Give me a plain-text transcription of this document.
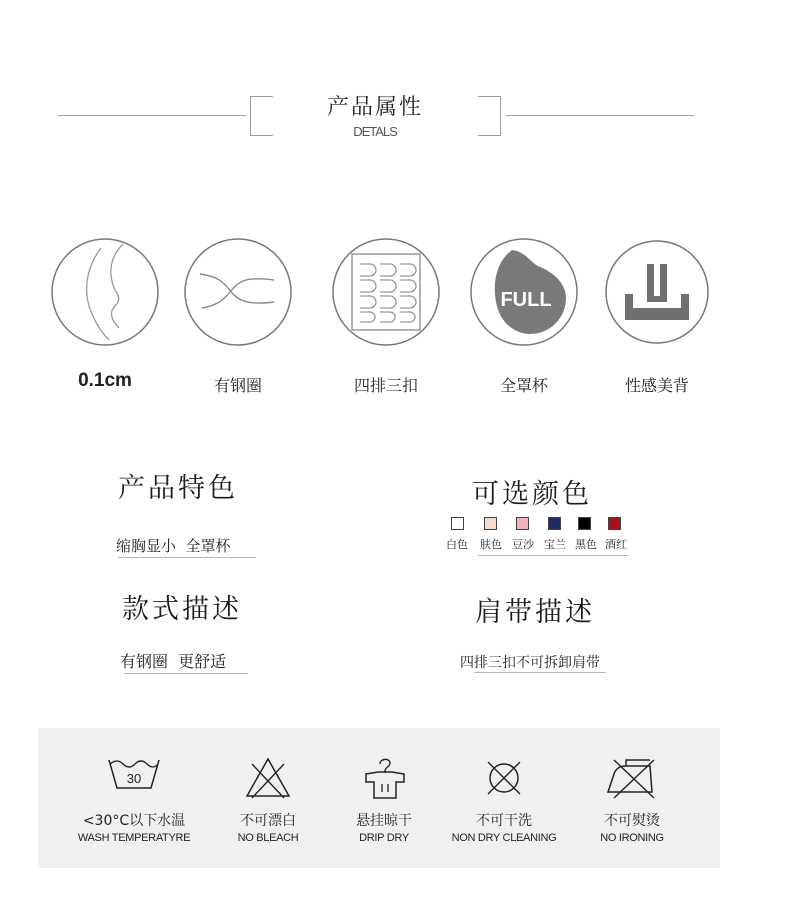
产品属性
DETALS
0.1cm	有钢圈	四排三扣
FULL
全罩杯	性感美背
产品特色
缩胸显小  全罩杯
可选颜色
白色 肤色 豆沙 宝兰 黑色 酒红
款式描述
有钢圈  更舒适
肩带描述
四排三扣不可拆卸肩带
30
<30°C以下水温
WASH TEMPERATYRE
不可漂白
NO BLEACH
悬挂晾干
DRIP DRY
不可干洗
NON DRY CLEANING
不可熨烫
NO IRONING
